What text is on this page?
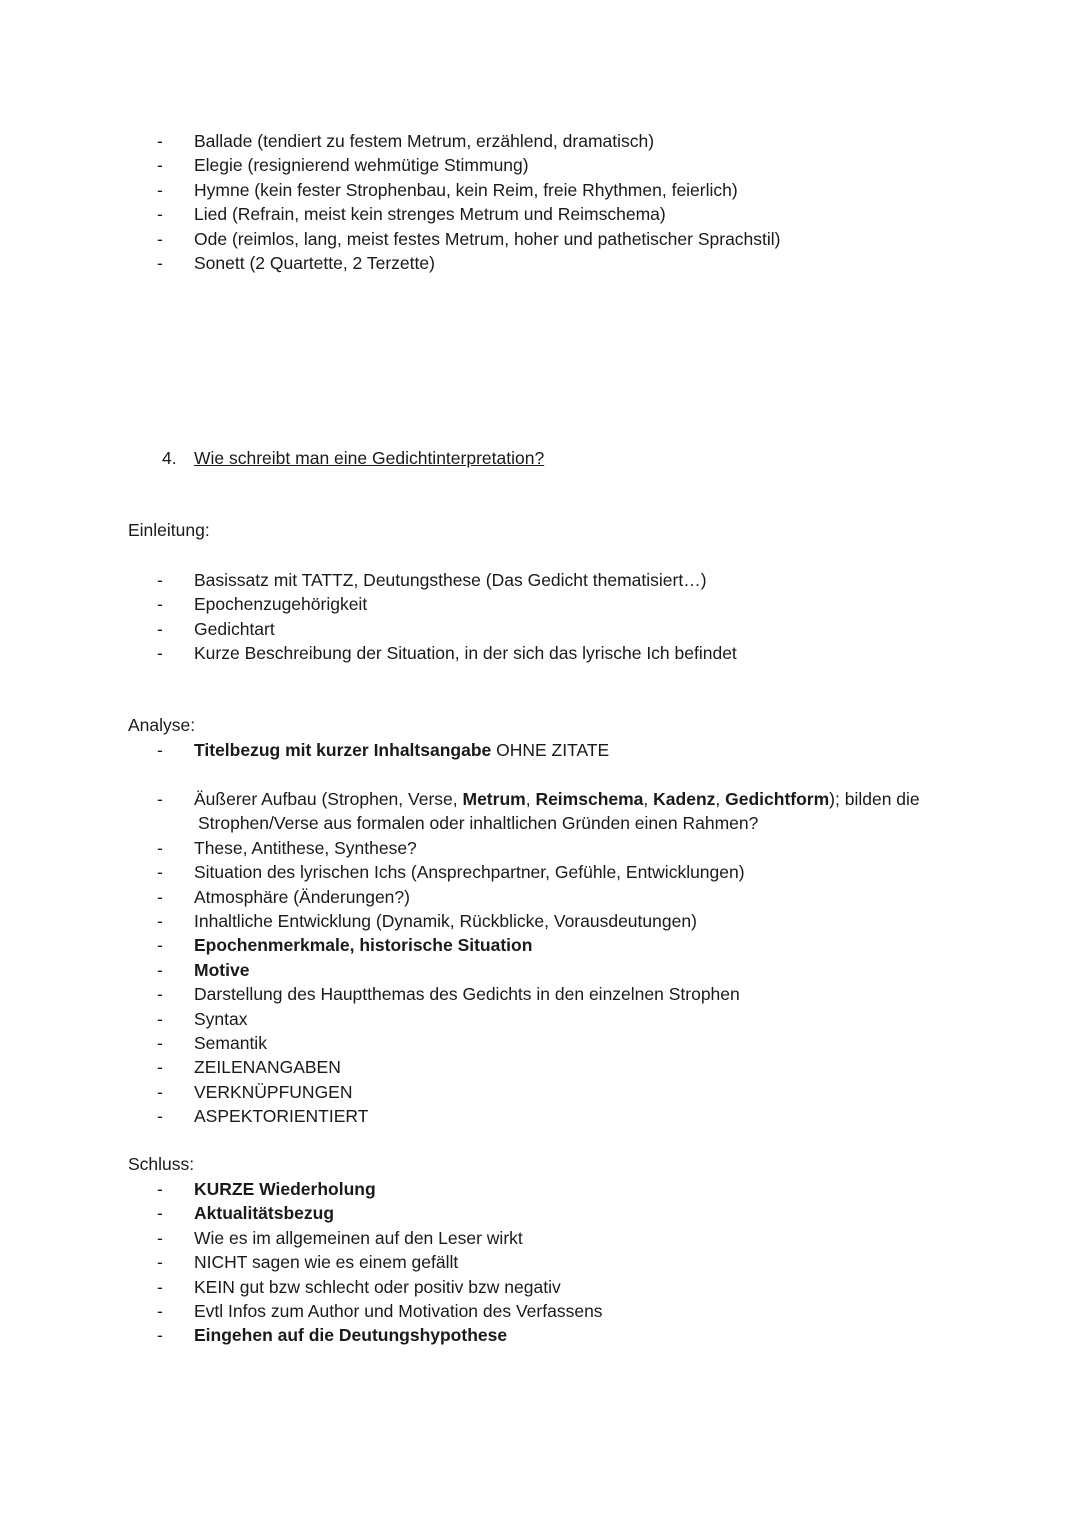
- Ballade (tendiert zu festem Metrum, erzählend, dramatisch)
- Elegie (resignierend wehmütige Stimmung)
- Hymne (kein fester Strophenbau, kein Reim, freie Rhythmen, feierlich)
- Lied (Refrain, meist kein strenges Metrum und Reimschema)
- Ode (reimlos, lang, meist festes Metrum, hoher und pathetischer Sprachstil)
- Sonett (2 Quartette, 2 Terzette)
4. Wie schreibt man eine Gedichtinterpretation?
Einleitung:
- Basissatz mit TATTZ, Deutungsthese (Das Gedicht thematisiert…)
- Epochenzugehörigkeit
- Gedichtart
- Kurze Beschreibung der Situation, in der sich das lyrische Ich befindet
Analyse:
- Titelbezug mit kurzer Inhaltsangabe OHNE ZITATE
- Äußerer Aufbau (Strophen, Verse, Metrum, Reimschema, Kadenz, Gedichtform); bilden die
Strophen/Verse aus formalen oder inhaltlichen Gründen einen Rahmen?
- These, Antithese, Synthese?
- Situation des lyrischen Ichs (Ansprechpartner, Gefühle, Entwicklungen)
- Atmosphäre (Änderungen?)
- Inhaltliche Entwicklung (Dynamik, Rückblicke, Vorausdeutungen)
- Epochenmerkmale, historische Situation
- Motive
- Darstellung des Hauptthemas des Gedichts in den einzelnen Strophen
- Syntax
- Semantik
- ZEILENANGABEN
- VERKNÜPFUNGEN
- ASPEKTORIENTIERT
Schluss:
- KURZE Wiederholung
- Aktualitätsbezug
- Wie es im allgemeinen auf den Leser wirkt
- NICHT sagen wie es einem gefällt
- KEIN gut bzw schlecht oder positiv bzw negativ
- Evtl Infos zum Author und Motivation des Verfassens
- Eingehen auf die Deutungshypothese
